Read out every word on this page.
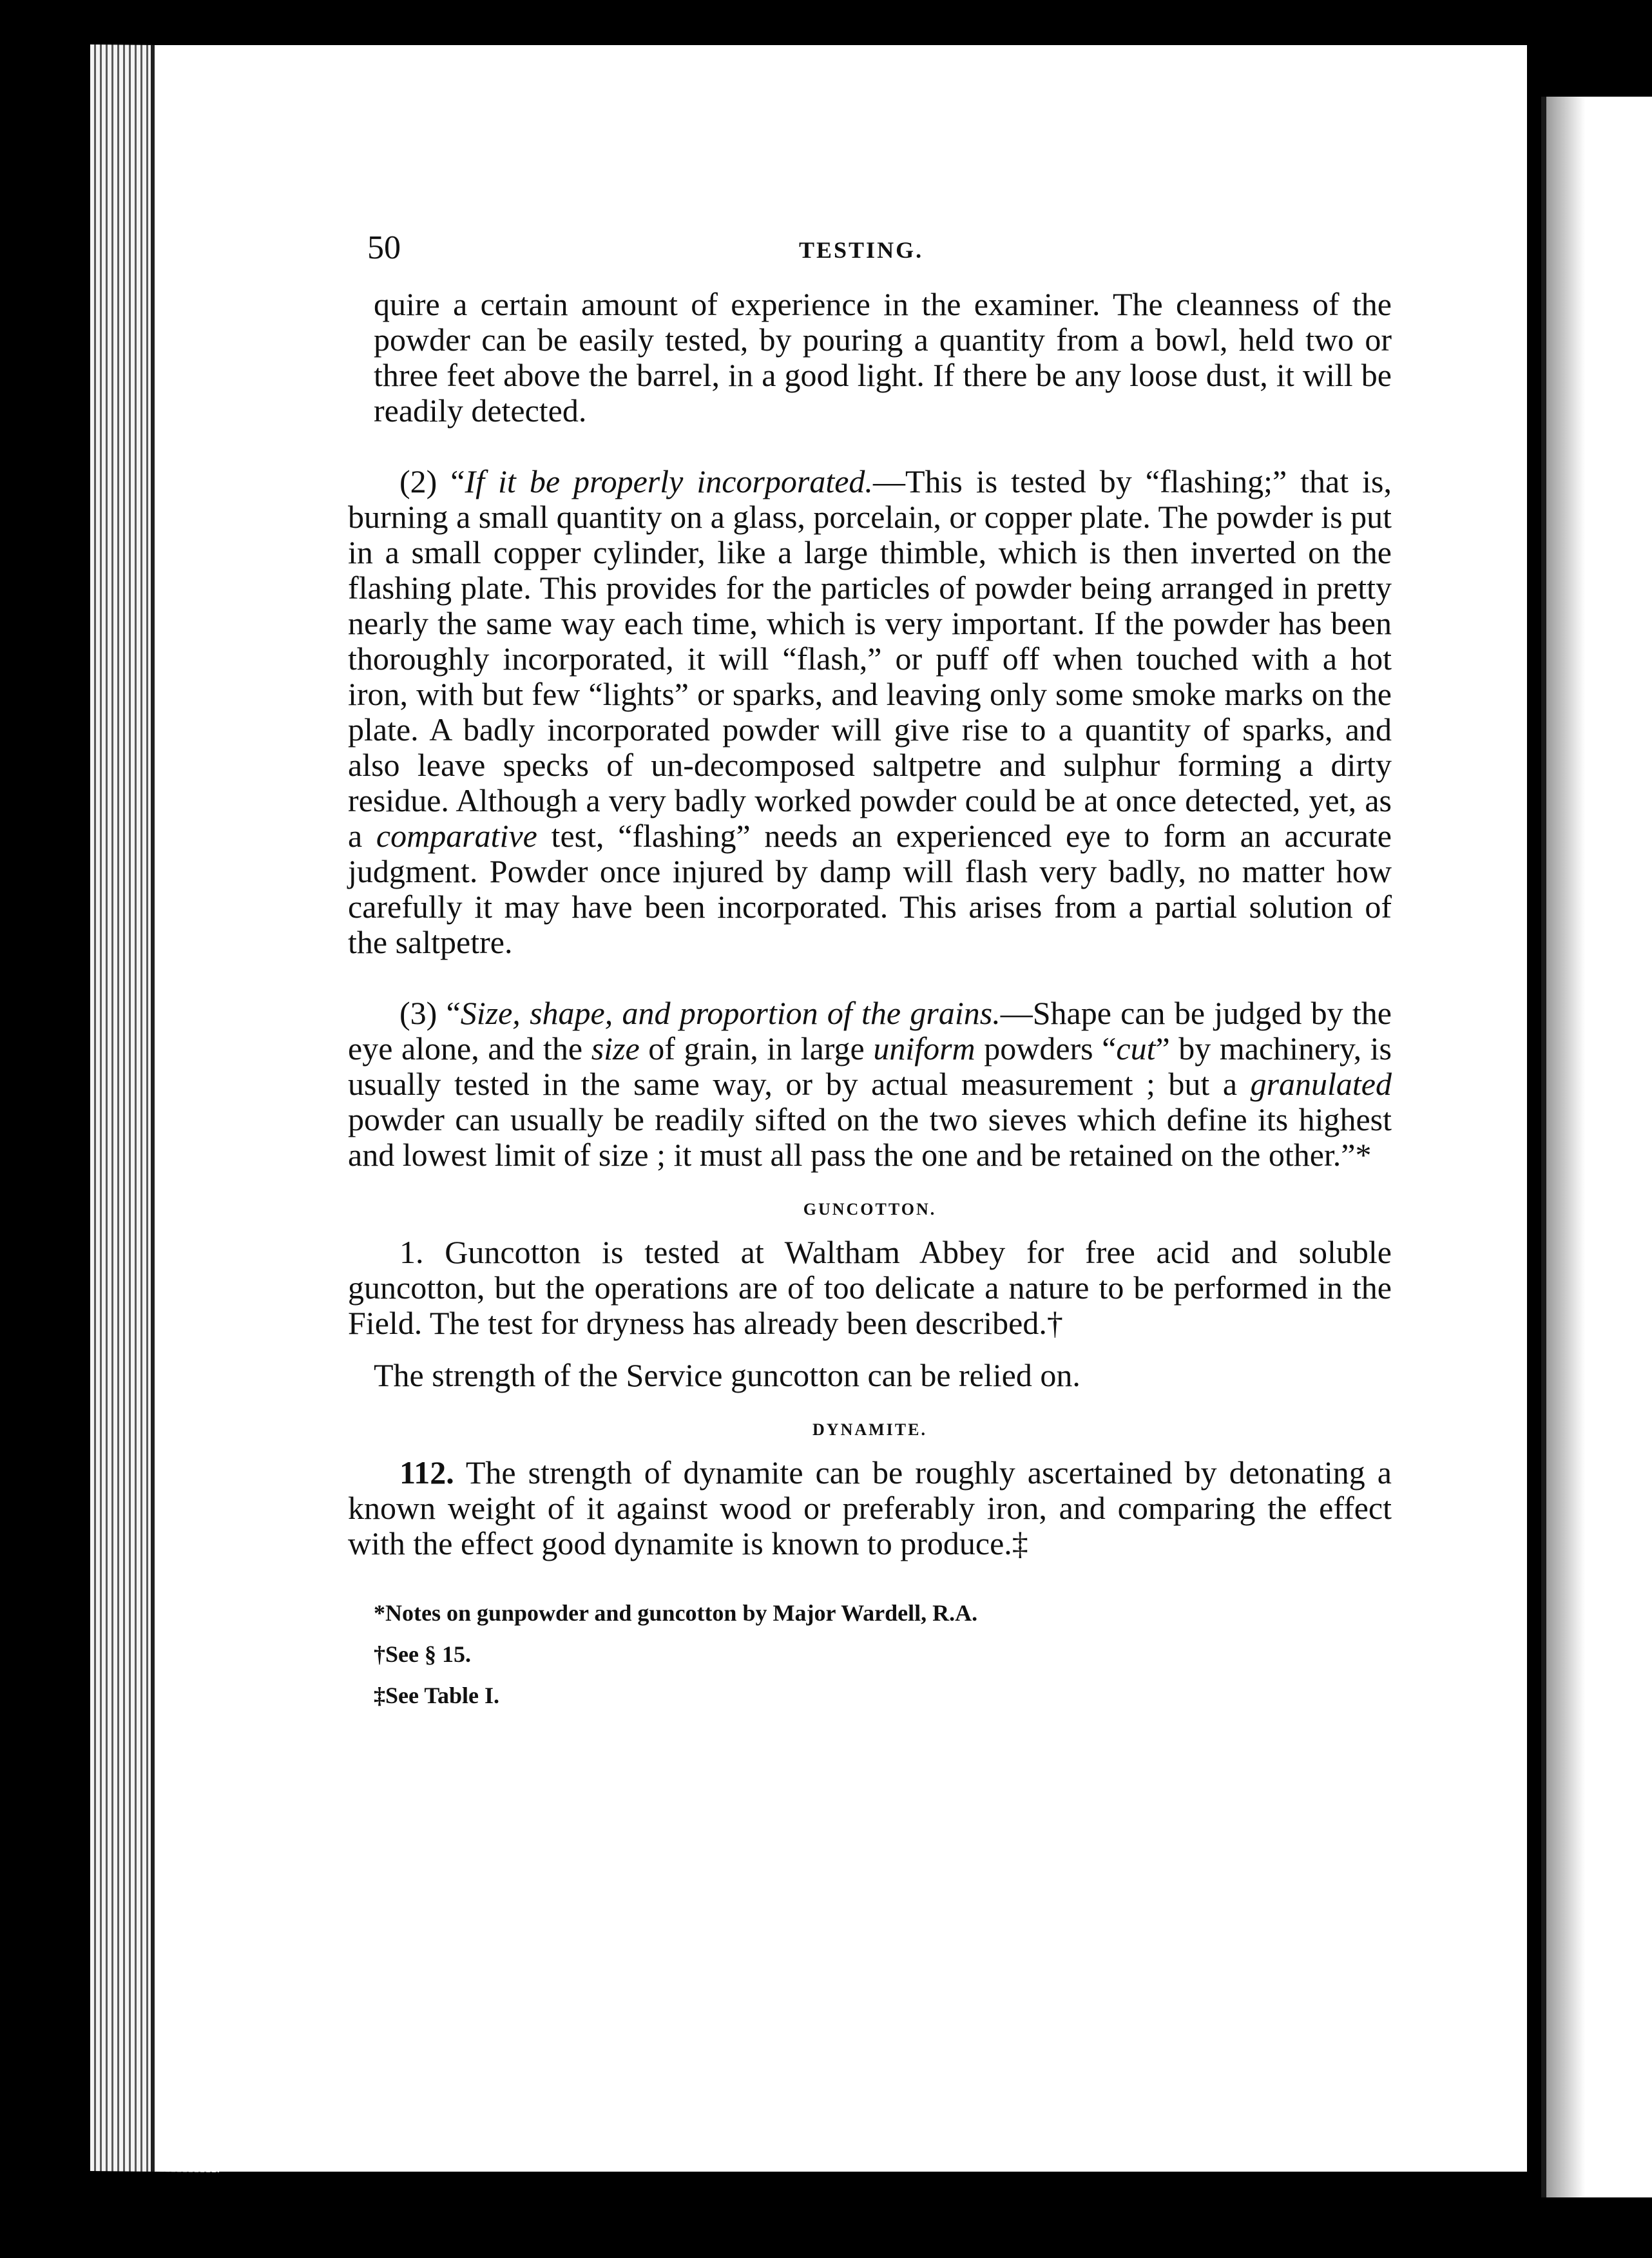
50	TESTING.

quire a certain amount of experience in the examiner. The cleanness of the powder can be easily tested, by pouring a quantity from a bowl, held two or three feet above the barrel, in a good light. If there be any loose dust, it will be readily detected.

(2) “If it be properly incorporated.—This is tested by “flashing;” that is, burning a small quantity on a glass, porcelain, or copper plate. The powder is put in a small copper cylinder, like a large thimble, which is then inverted on the flashing plate. This provides for the particles of powder being arranged in pretty nearly the same way each time, which is very important. If the powder has been thoroughly incorporated, it will “flash,” or puff off when touched with a hot iron, with but few “lights” or sparks, and leaving only some smoke marks on the plate. A badly incorporated powder will give rise to a quantity of sparks, and also leave specks of un-decomposed saltpetre and sulphur forming a dirty residue. Although a very badly worked powder could be at once detected, yet, as a comparative test, “flashing” needs an experienced eye to form an accurate judgment. Powder once injured by damp will flash very badly, no matter how carefully it may have been incorporated. This arises from a partial solution of the saltpetre.

(3) “Size, shape, and proportion of the grains.—Shape can be judged by the eye alone, and the size of grain, in large uniform powders “cut” by machinery, is usually tested in the same way, or by actual measurement ; but a granulated powder can usually be readily sifted on the two sieves which define its highest and lowest limit of size ; it must all pass the one and be retained on the other.”*

GUNCOTTON.

1. Guncotton is tested at Waltham Abbey for free acid and soluble guncotton, but the operations are of too delicate a nature to be performed in the Field. The test for dryness has already been described.†

The strength of the Service guncotton can be relied on.

DYNAMITE.

112. The strength of dynamite can be roughly ascertained by detonating a known weight of it against wood or preferably iron, and comparing the effect with the effect good dynamite is known to produce.‡

*Notes on gunpowder and guncotton by Major Wardell, R.A.
†See § 15.
‡See Table I.
